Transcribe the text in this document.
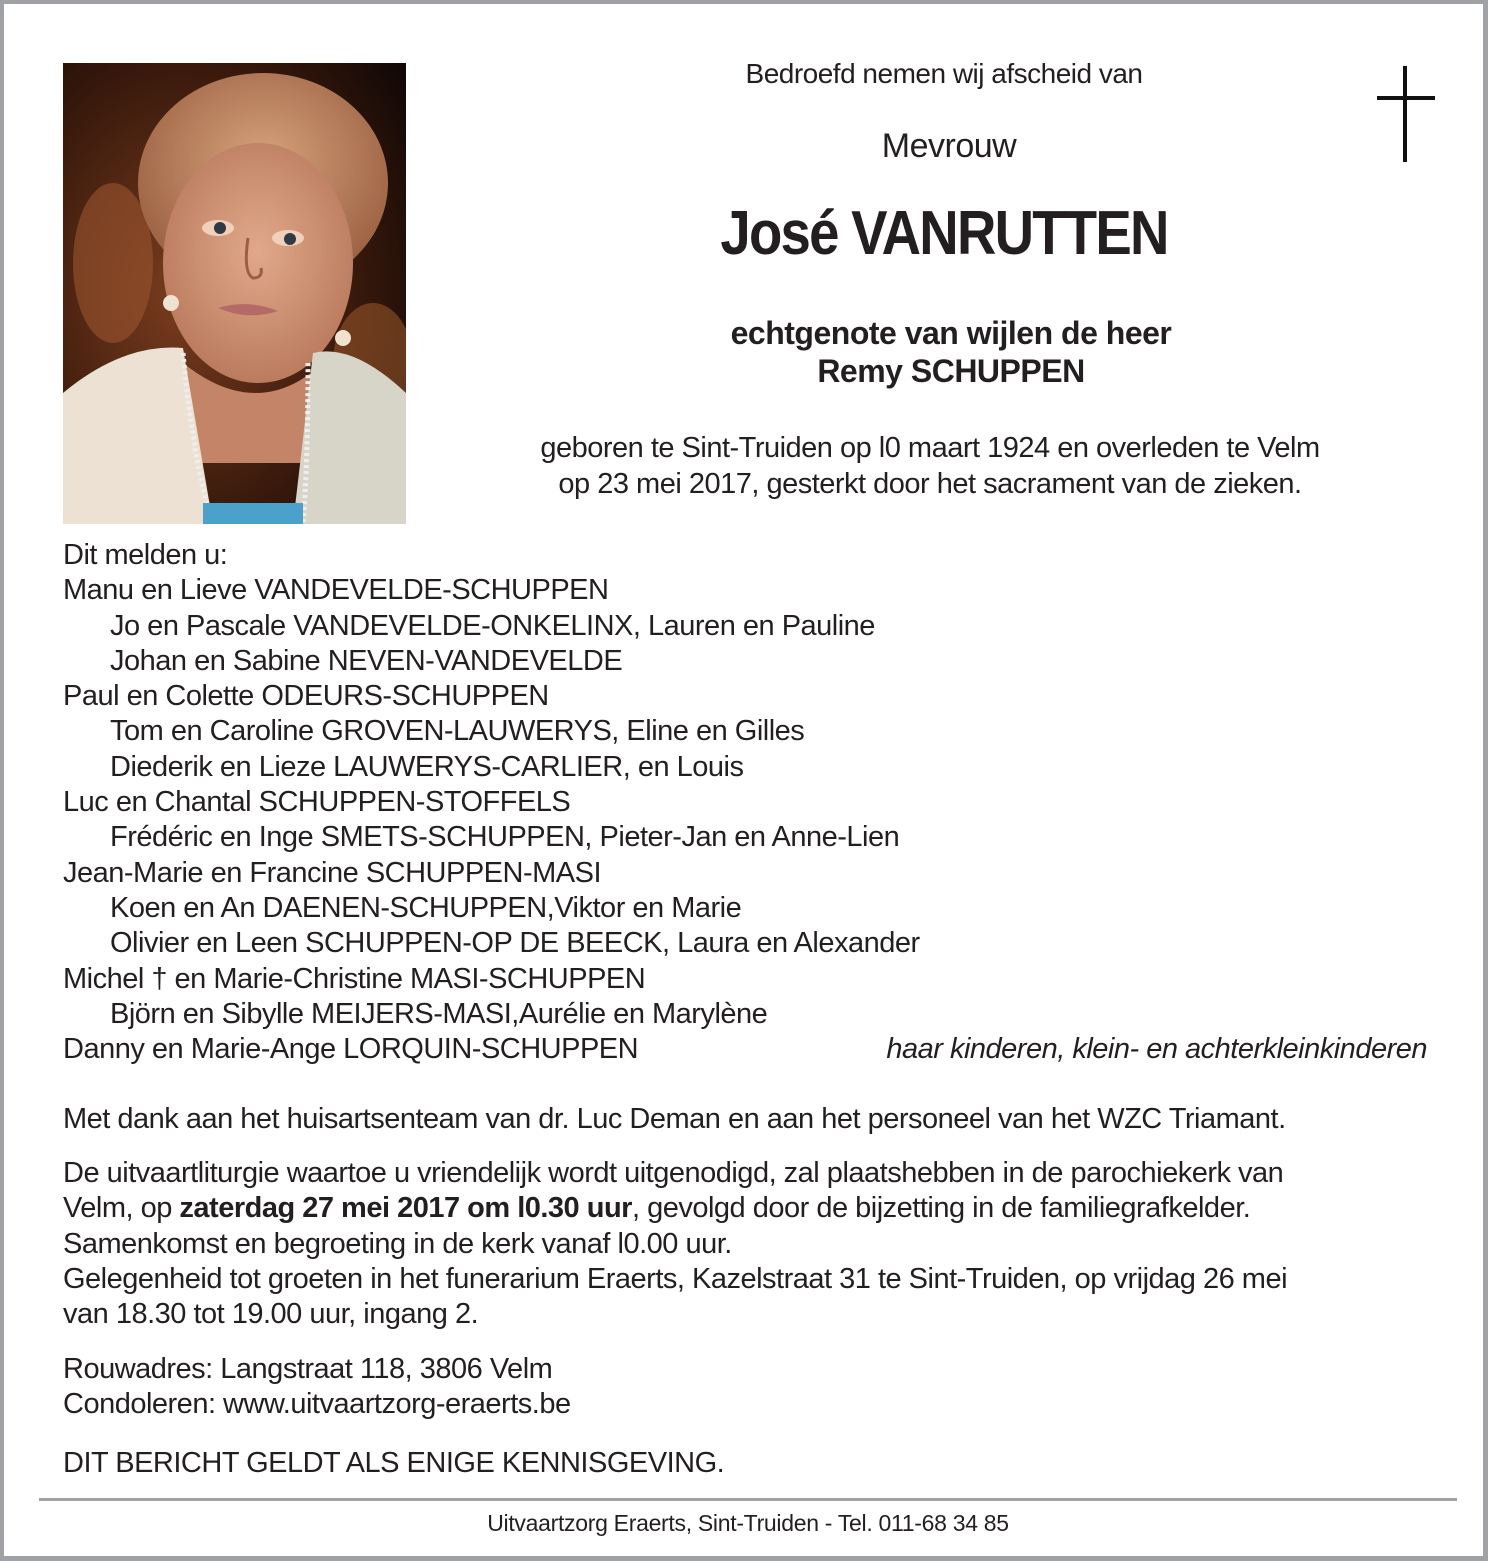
Bedroefd nemen wij afscheid van
Mevrouw
José VANRUTTEN
echtgenote van wijlen de heer
Remy SCHUPPEN
geboren te Sint-Truiden op l0 maart 1924 en overleden te Velm
op 23 mei 2017, gesterkt door het sacrament van de zieken.
Dit melden u:
Manu en Lieve VANDEVELDE-SCHUPPEN
Jo en Pascale VANDEVELDE-ONKELINX, Lauren en Pauline
Johan en Sabine NEVEN-VANDEVELDE
Paul en Colette ODEURS-SCHUPPEN
Tom en Caroline GROVEN-LAUWERYS, Eline en Gilles
Diederik en Lieze LAUWERYS-CARLIER, en Louis
Luc en Chantal SCHUPPEN-STOFFELS
Frédéric en Inge SMETS-SCHUPPEN, Pieter-Jan en Anne-Lien
Jean-Marie en Francine SCHUPPEN-MASI
Koen en An DAENEN-SCHUPPEN,Viktor en Marie
Olivier en Leen SCHUPPEN-OP DE BEECK, Laura en Alexander
Michel † en Marie-Christine MASI-SCHUPPEN
Björn en Sibylle MEIJERS-MASI,Aurélie en Marylène
Danny en Marie-Ange LORQUIN-SCHUPPEN	haar kinderen, klein- en achterkleinkinderen
Met dank aan het huisartsenteam van dr. Luc Deman en aan het personeel van het WZC Triamant.
De uitvaartliturgie waartoe u vriendelijk wordt uitgenodigd, zal plaatshebben in de parochiekerk van
Velm, op zaterdag 27 mei 2017 om l0.30 uur, gevolgd door de bijzetting in de familiegrafkelder.
Samenkomst en begroeting in de kerk vanaf l0.00 uur.
Gelegenheid tot groeten in het funerarium Eraerts, Kazelstraat 31 te Sint-Truiden, op vrijdag 26 mei
van 18.30 tot 19.00 uur, ingang 2.
Rouwadres: Langstraat 118, 3806 Velm
Condoleren: www.uitvaartzorg-eraerts.be
DIT BERICHT GELDT ALS ENIGE KENNISGEVING.
Uitvaartzorg Eraerts, Sint-Truiden - Tel. 011-68 34 85
